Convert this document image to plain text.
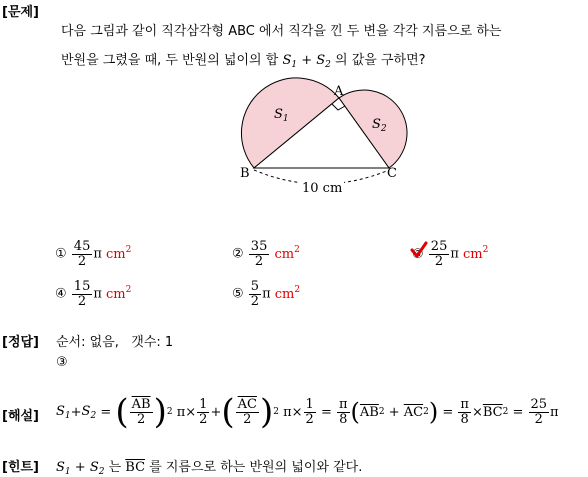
[문제]
다음 그림과 같이 직각삼각형 ABC 에서 직각을 낀 두 변을 각각 지름으로 하는
반원을 그렸을 때, 두 반원의 넓이의 합 $S_1 + S_2$ 의 값을 구하면?
A
B	C
$S_1$	$S_2$
10 cm
① $\frac{45}{2}$ π $cm^2$	② $\frac{35}{2} cm^2$	③ $\frac{25}{2}$ π $cm^2$
④ $\frac{15}{2}$ π $cm^2$	⑤ $\frac{5}{2}$ π $cm^2$
[정답] 순서: 없음,   갯수: 1
③
[해설] $S_1 + S_2$ = ( $\frac{\overline{AB}}{2}$ ) 2 $\pi\times \frac{1}{2}$ + ( $\frac{\overline{AC}}{2}$ ) 2 $\pi\times \frac{1}{2} = \frac{\pi}{8}$ ( $\overline{AB}$ $2 + \overline{AC}$ 2 ) = $\frac{\pi}{8} \times \overline{BC}$ $2 = \frac{25}{2}$ π
[힌트] $S_1 + S_2$ 는 $\overline{BC}$ 를 지름으로 하는 반원의 넓이와 같다.
